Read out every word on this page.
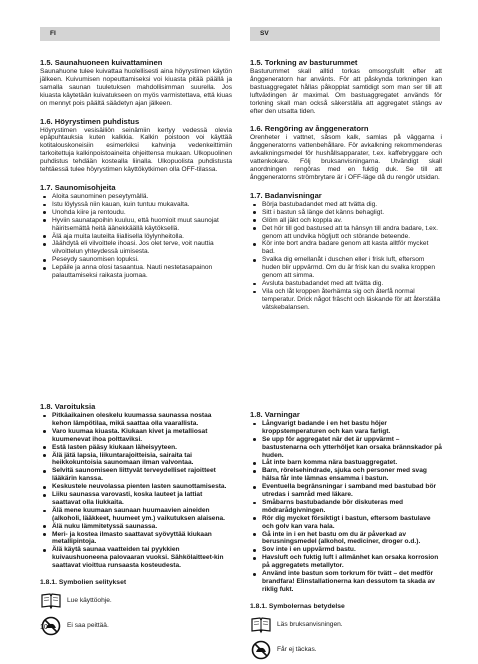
FI	SV
1.5. Saunahuoneen kuivattaminen

Saunahuone tulee kuivattaa huolellisesti aina höyrystimen käytön jälkeen. Kuivumisen nopeuttamiseksi voi kiuasta pitää päällä ja samalla saunan tuuletuksen mahdollisimman suurella. Jos kiuasta käytetään kuivatukseen on myös varmistettava, että kiuas on mennyt pois päältä säädetyn ajan jälkeen.

1.6. Höyrystimen puhdistus

Höyrystimen vesisäiliön seinämiin kertyy vedessä olevia epäpuhtauksia kuten kalkkia. Kalkin poistoon voi käyttää kotitalouskoneisiin esimerkiksi kahvinja vedenkeittimiin tarkoitettuja kalkinpoistoaineita ohjeittensa mukaan. Ulkopuolinen puhdistus tehdään kostealla liinalla. Ulkopuolista puhdistusta tehtäessä tulee höyrystimen käyttökytkimen olla OFF-tilassa.

1.7. Saunomisohjeita
Aloita saunominen peseytymällä.
Istu löylyssä niin kauan, kuin tuntuu mukavalta.
Unohda kiire ja rentoudu.
Hyviin saunatapoihin kuuluu, että huomioit muut saunojat häiritsemättä heitä äänekkäällä käytöksellä.
Älä aja muita lauteilta liiallisella löylynheitolla.
Jäähdytä eli vilvoittele ihoasi. Jos olet terve, voit nauttia vilvoittelun yhteydessä uimisesta.
Peseydy saunomisen lopuksi.
Lepäile ja anna olosi tasaantua. Nauti nestetasapainon palauttamiseksi raikasta juomaa.
1.8. Varoituksia
Pitkäaikainen oleskelu kuumassa saunassa nostaa kehon lämpötilaa, mikä saattaa olla vaarallista.
Varo kuumaa kiuasta. Kiukaan kivet ja metalliosat kuumenevat ihoa polttaviksi.
Estä lasten pääsy kiukaan läheisyyteen.
Älä jätä lapsia, liikuntarajoitteisia, sairaita tai heikkokuntoisia saunomaan ilman valvontaa.
Selvitä saunomiseen liittyvät terveydelliset rajoitteet lääkärin kanssa.
Keskustele neuvolassa pienten lasten saunottamisesta.
Liiku saunassa varovasti, koska lauteet ja lattiat saattavat olla liukkaita.
Älä mene kuumaan saunaan huumaavien aineiden (alkoholi, lääkkeet, huumeet ym.) vaikutuksen alaisena.
Älä nuku lämmitetyssä saunassa.
Meri- ja kostea ilmasto saattavat syövyttää kiukaan metallipintoja.
Älä käytä saunaa vaatteiden tai pyykkien kuivaushuoneena palovaaran vuoksi. Sähkölaitteet-kin saattavat vioittua runsaasta kosteudesta.
1.8.1. Symbolien selitykset
Lue käyttöohje.
Ei saa peittää.
1.5. Torkning av basturummet

Basturummet skall alltid torkas omsorgsfullt efter att ånggeneratorn har använts. För att påskynda torkningen kan bastuaggregatet hållas påkopplat samtidigt som man ser till att luftväxlingen är maximal. Om bastuaggregatet används för torkning skall man också säkerställa att aggregatet stängs av efter den utsatta tiden.

1.6. Rengöring av ånggeneratorn

Orenheter i vattnet, såsom kalk, samlas på väggarna i ånggeneratorns vattenbehållare. För avkalkning rekommenderas avkalkningsmedel för hushållsapparater, t.ex. kaffebryggare och vattenkokare. Följ bruksanvisningarna. Utvändigt skall anordningen rengöras med en fuktig duk. Se till att ånggeneratorns strömbrytare är i OFF-läge då du rengör utsidan.

1.7. Badanvisningar
Börja bastubadandet med att tvätta dig.
Sitt i bastun så länge det känns behagligt.
Glöm all jäkt och koppla av.
Det hör till god bastused att ta hänsyn till andra badare, t.ex. genom att undvika högljutt och störande beteende.
Kör inte bort andra badare genom att kasta alltför mycket bad.
Svalka dig emellanåt i duschen eller i frisk luft, eftersom huden blir uppvärmd. Om du är frisk kan du svalka kroppen genom att simma.
Avsluta bastubadandet med att tvätta dig.
Vila och låt kroppen återhämta sig och återfå normal temperatur. Drick något fräscht och läskande för att återställa vätskebalansen.
1.8. Varningar
Långvarigt badande i en het bastu höjer kroppstemperaturen och kan vara farligt.
Se upp för aggregatet när det är uppvärmt – bastustenarna och ytterhöljet kan orsaka brännskador på huden.
Låt inte barn komma nära bastuaggregatet.
Barn, rörelsehindrade, sjuka och personer med svag hälsa får inte lämnas ensamma i bastun.
Eventuella begränsningar i samband med bastubad bör utredas i samråd med läkare.
Småbarns bastubadande bör diskuteras med mödrarådgivningen.
Rör dig mycket försiktigt i bastun, eftersom bastulave och golv kan vara hala.
Gå inte in i en het bastu om du är påverkad av berusningsmedel (alkohol, mediciner, droger o.d.).
Sov inte i en uppvärmd bastu.
Havsluft och fuktig luft i allmänhet kan orsaka korrosion på aggregatets metallytor.
Använd inte bastun som torkrum för tvätt – det medför brandfara! Elinstallationerna kan dessutom ta skada av riklig fukt.
1.8.1. Symbolernas betydelse
Läs bruksanvisningen.
Får ej täckas.
10
